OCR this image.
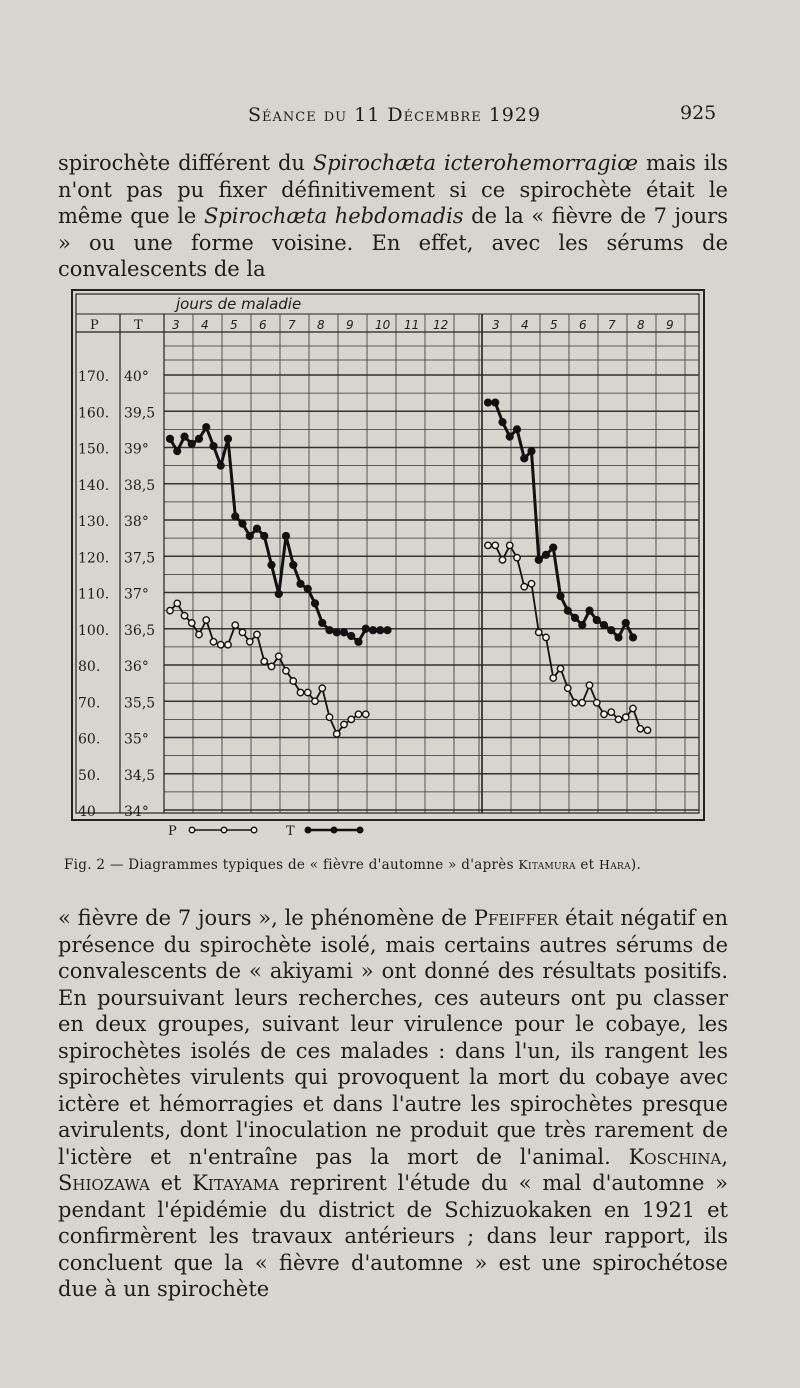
Séance du 11 Décembre 1929	925

spirochète différent du Spirochæta icterohemorragiœ mais ils n'ont pas pu fixer définitivement si ce spirochète était le même que le Spirochæta hebdomadis de la « fièvre de 7 jours » ou une forme voisine. En effet, avec les sérums de convalescents de la

jours de maladie
P	T 3 4 5 6 7 8 9 10 11 12	3 4 5 6 7 8 9
170. 40°
160. 39,5
150. 39°
140. 38,5
130. 38°
120. 37,5
110. 37°
100. 36,5
80. 36°
70. 35,5
60. 35°
50. 34,5
40 34°
P	T
Fig. 2 — Diagrammes typiques de « fièvre d'automne » d'après Kitamura et Hara).

« fièvre de 7 jours », le phénomène de Pfeiffer était négatif en présence du spirochète isolé, mais certains autres sérums de convalescents de « akiyami » ont donné des résultats positifs. En poursuivant leurs recherches, ces auteurs ont pu classer en deux groupes, suivant leur virulence pour le cobaye, les spirochètes isolés de ces malades : dans l'un, ils rangent les spirochètes virulents qui provoquent la mort du cobaye avec ictère et hémorragies et dans l'autre les spirochètes presque avirulents, dont l'inoculation ne produit que très rarement de l'ictère et n'entraîne pas la mort de l'animal. Koschina, Shiozawa et Kitayama reprirent l'étude du « mal d'automne » pendant l'épidémie du district de Schizuokaken en 1921 et confirmèrent les travaux antérieurs ; dans leur rapport, ils concluent que la « fièvre d'automne » est une spirochétose due à un spirochète
